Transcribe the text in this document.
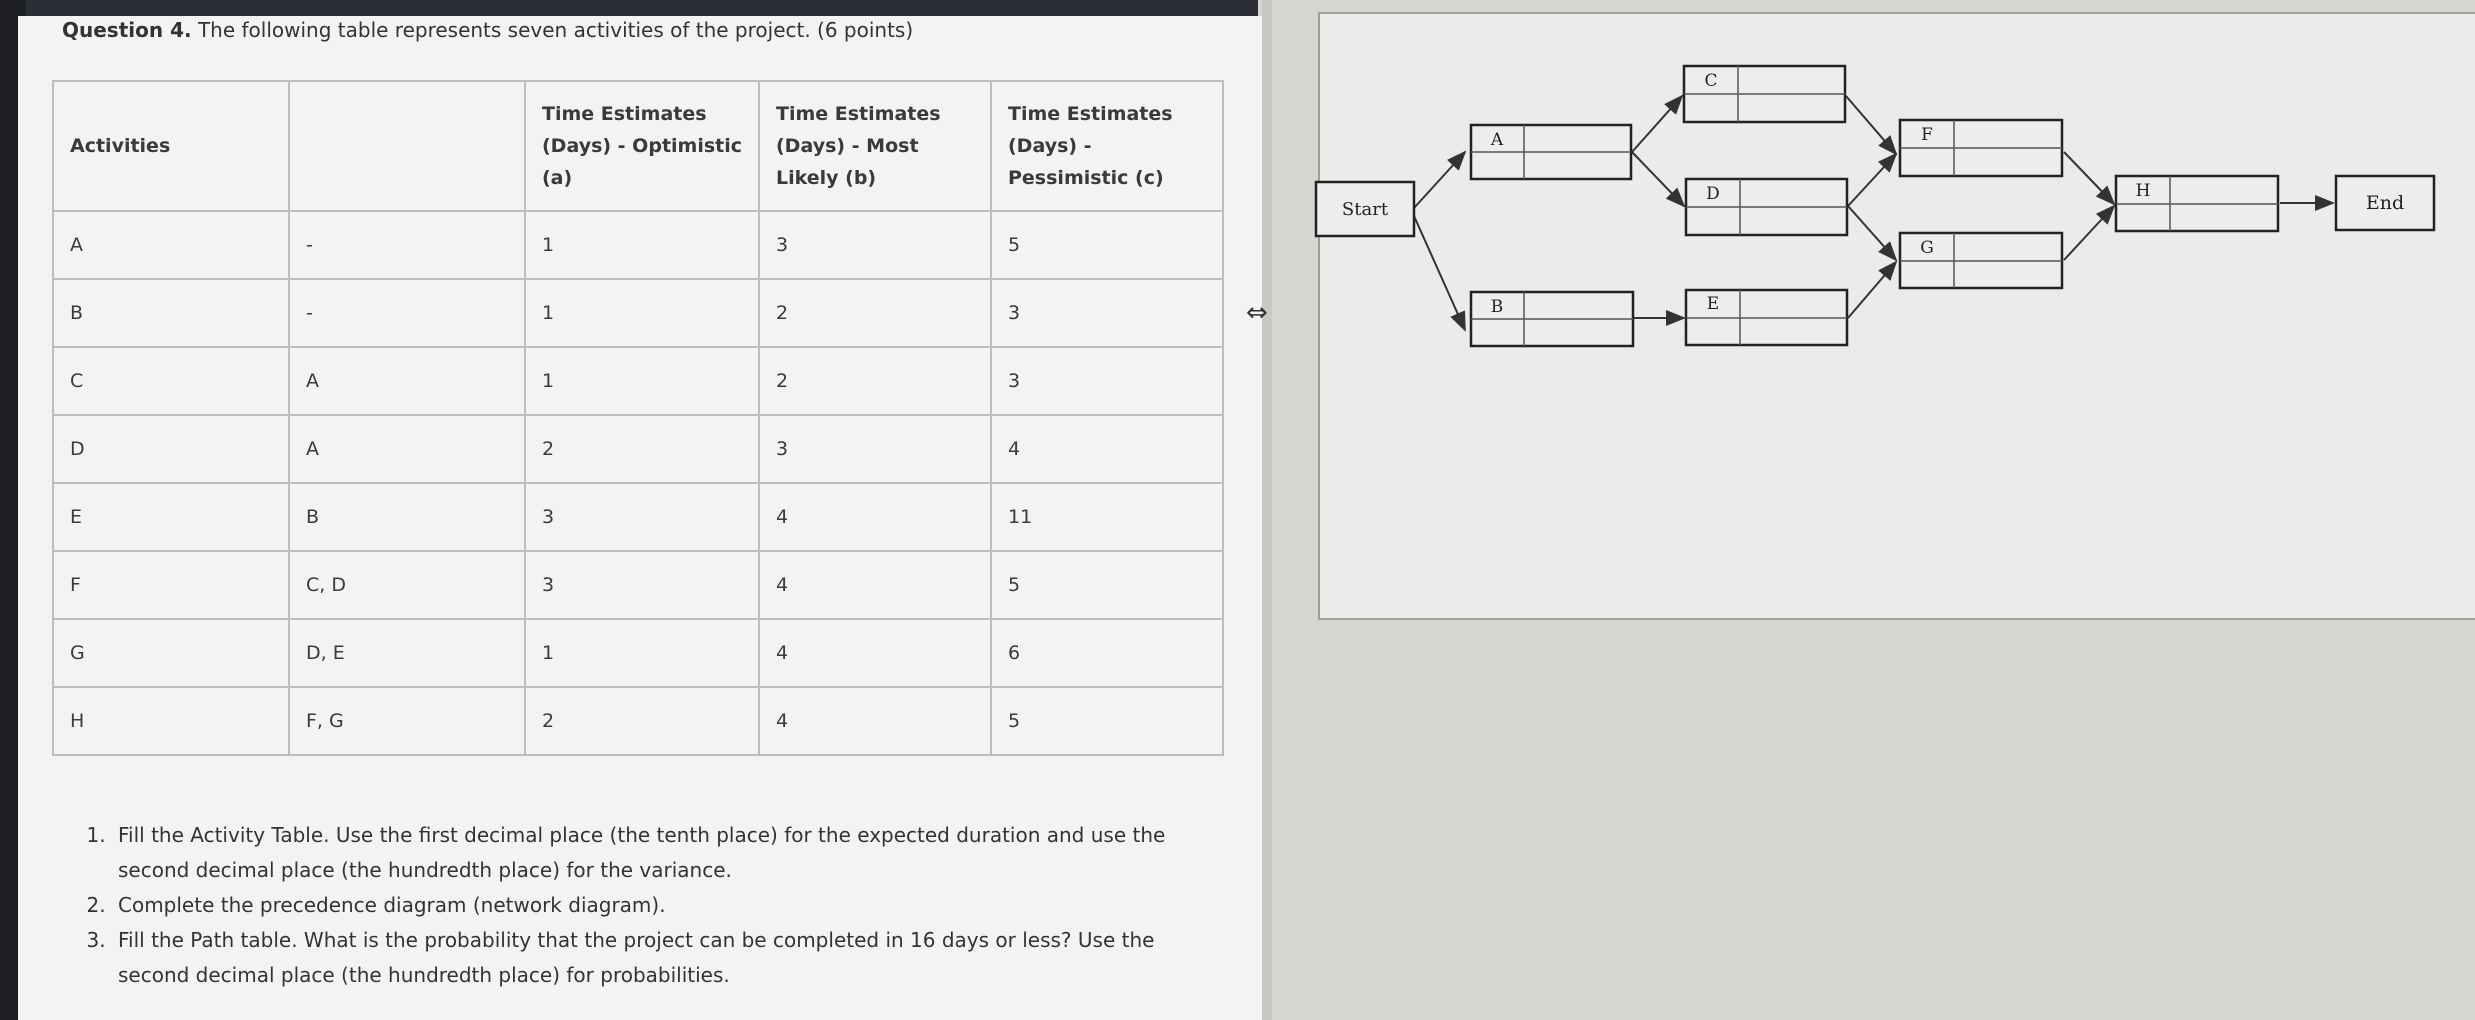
⇔
Question 4. The following table represents seven activities of the project. (6 points)
Activities		Time Estimates (Days) - Optimistic (a)	Time Estimates (Days) - Most Likely (b)	Time Estimates (Days) - Pessimistic (c)
A	-	1	3	5
B	-	1	2	3
C	A	1	2	3
D	A	2	3	4
E	B	3	4	11
F	C, D	3	4	5
G	D, E	1	4	6
H	F, G	2	4	5
1. Fill the Activity Table. Use the first decimal place (the tenth place) for the expected duration and use the second decimal place (the hundredth place) for the variance.
2. Complete the precedence diagram (network diagram).
3. Fill the Path table. What is the probability that the project can be completed in 16 days or less? Use the second decimal place (the hundredth place) for probabilities.
Start	End
A
B
C
D
E
F
G
H
